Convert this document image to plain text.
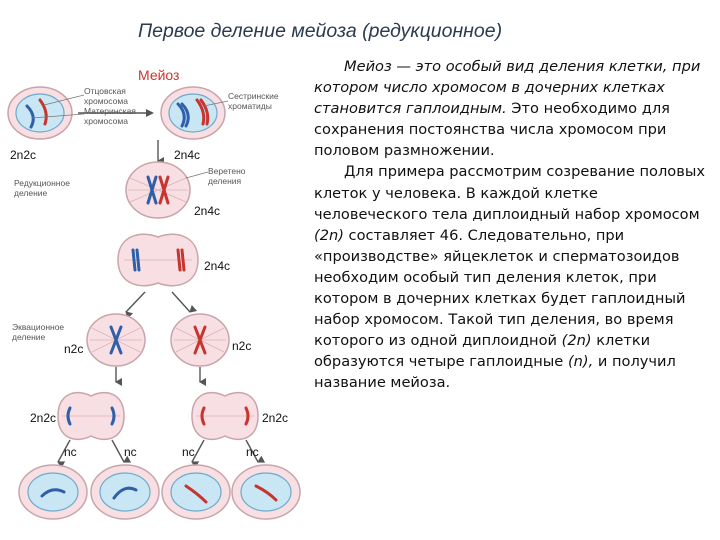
Первое деление мейоза (редукционное)
Мейоз
Отцовская
хромосома
Материнская
хромосома
Сестринские
хроматиды
2n2c	2n4c
Веретено
деления
Редукционное
деление
2n4c
2n4c
Эквационное
деление
n2c	n2c
2n2c	2n2c
nc	nc	nc	nc

Мейоз — это особый вид деления клетки, при котором число хромосом в дочерних клетках становится гаплоидным. Это необходимо для сохранения постоянства числа хромосом при половом размножении.

Для примера рассмотрим созревание половых клеток у человека. В каждой клетке человеческого тела диплоидный набор хромосом (2n) составляет 46. Следовательно, при «производстве» яйцеклеток и сперматозоидов необходим особый тип деления клеток, при котором в дочерних клетках будет гаплоидный набор хромосом. Такой тип деления, во время которого из одной диплоидной (2n) клетки образуются четыре гаплоидные (n), и получил название мейоза.
